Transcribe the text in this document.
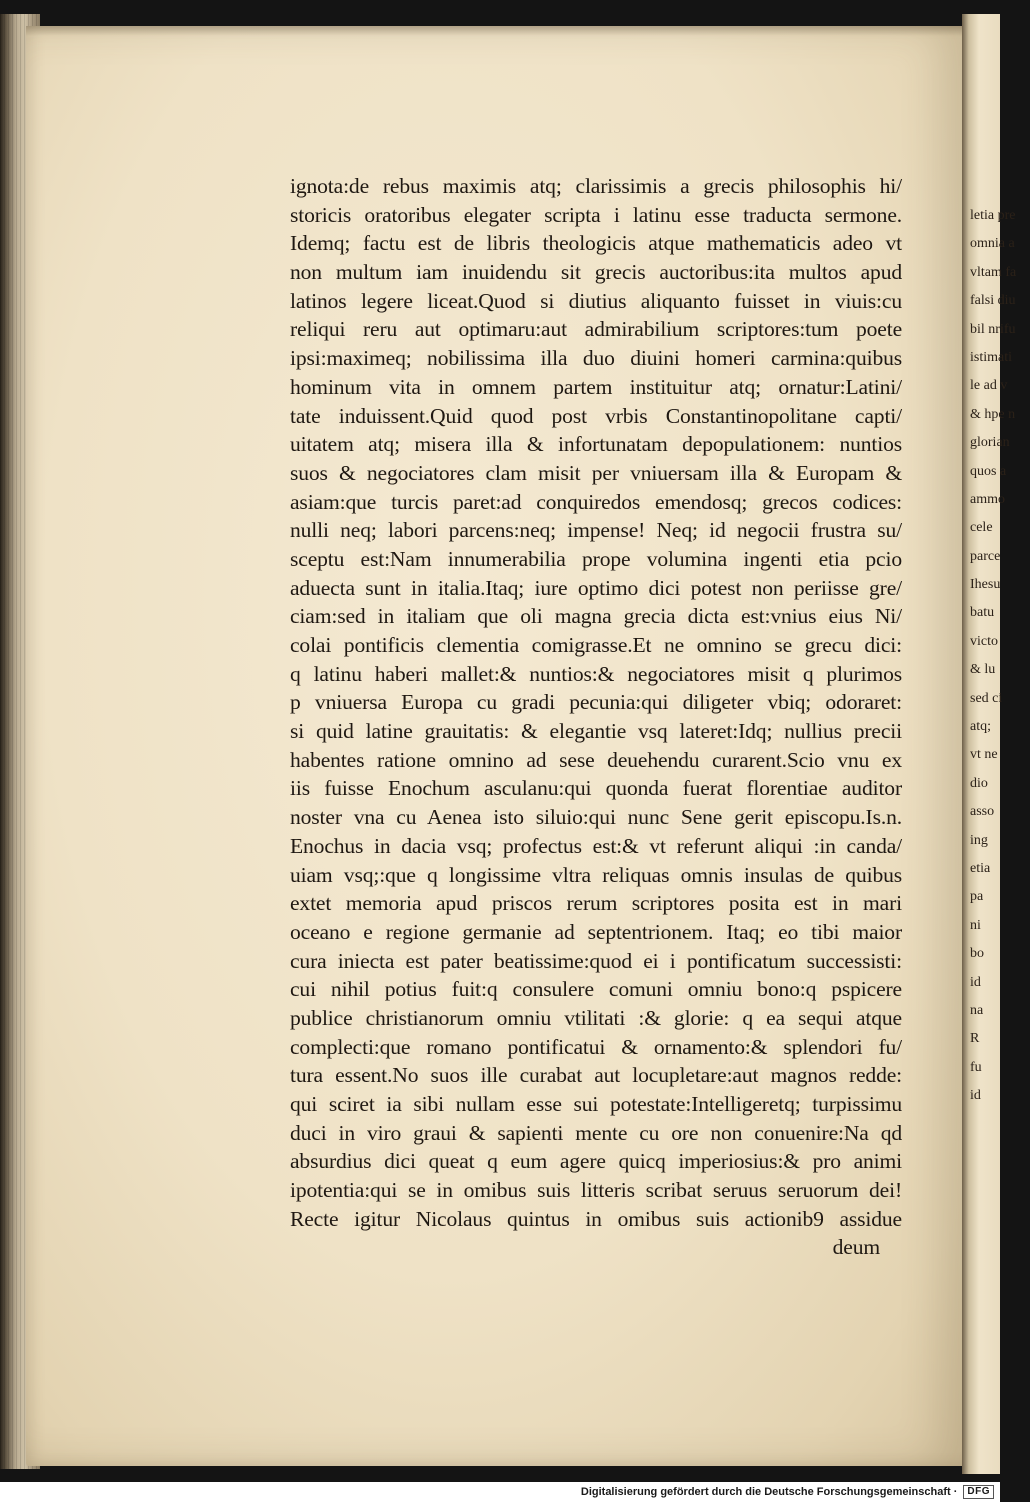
ignota:de rebus maximis atq; clarissimis a grecis philosophis hi/
storicis oratoribus elegater scripta i latinu esse traducta sermone.
Idemq; factu est de libris theologicis atque mathematicis adeo vt
non multum iam inuidendu sit grecis auctoribus:ita multos apud
latinos legere liceat.Quod si diutius aliquanto fuisset in viuis:cu
reliqui reru aut optimaru:aut admirabilium scriptores:tum poete
ipsi:maximeq; nobilissima illa duo diuini homeri carmina:quibus
hominum vita in omnem partem instituitur atq; ornatur:Latini/
tate induissent.Quid quod post vrbis Constantinopolitane capti/
uitatem atq; misera illa & infortunatam depopulationem: nuntios
suos & negociatores clam misit per vniuersam illa & Europam &
asiam:que turcis paret:ad conquiredos emendosq; grecos codices:
nulli neq; labori parcens:neq; impense! Neq; id negocii frustra su/
sceptu est:Nam innumerabilia prope volumina ingenti etia pcio
aduecta sunt in italia.Itaq; iure optimo dici potest non periisse gre/
ciam:sed in italiam que oli magna grecia dicta est:vnius eius Ni/
colai pontificis clementia comigrasse.Et ne omnino se grecu dici:
q latinu haberi mallet:& nuntios:& negociatores misit q plurimos
p vniuersa Europa cu gradi pecunia:qui diligeter vbiq; odoraret:
si quid latine grauitatis: & elegantie vsq lateret:Idq; nullius precii
habentes ratione omnino ad sese deuehendu curarent.Scio vnu ex
iis fuisse Enochum asculanu:qui quonda fuerat florentiae auditor
noster vna cu Aenea isto siluio:qui nunc Sene gerit episcopu.Is.n.
Enochus in dacia vsq; profectus est:& vt referunt aliqui :in canda/
uiam vsq;:que q longissime vltra reliquas omnis insulas de quibus
extet memoria apud priscos rerum scriptores posita est in mari
oceano e regione germanie ad septentrionem. Itaq; eo tibi maior
cura iniecta est pater beatissime:quod ei i pontificatum successisti:
cui nihil potius fuit:q consulere comuni omniu bono:q pspicere
publice christianorum omniu vtilitati :& glorie: q ea sequi atque
complecti:que romano pontificatui & ornamento:& splendori fu/
tura essent.No suos ille curabat aut locupletare:aut magnos redde:
qui sciret ia sibi nullam esse sui potestate:Intelligeretq; turpissimu
duci in viro graui & sapienti mente cu ore non conuenire:Na qd
absurdius dici queat q eum agere quicq imperiosius:& pro animi
ipotentia:qui se in omibus suis litteris scribat seruus seruorum dei!
Recte igitur Nicolaus quintus in omibus suis actionib9 assidue
deum
letia pre
omnia a
vltam fa
falsi diu
bil nrifu
istimati
le ad v
& hpe n
glorian
quos a
ammo
cele
parce
Ihesu
batu
victo
& lu
sed ci
atq;
vt ne
dio
asso
ing
etia
pa
ni
bo
id
na
R
fu
id
Digitalisierung gefördert durch die Deutsche Forschungsgemeinschaft ·	DFG
